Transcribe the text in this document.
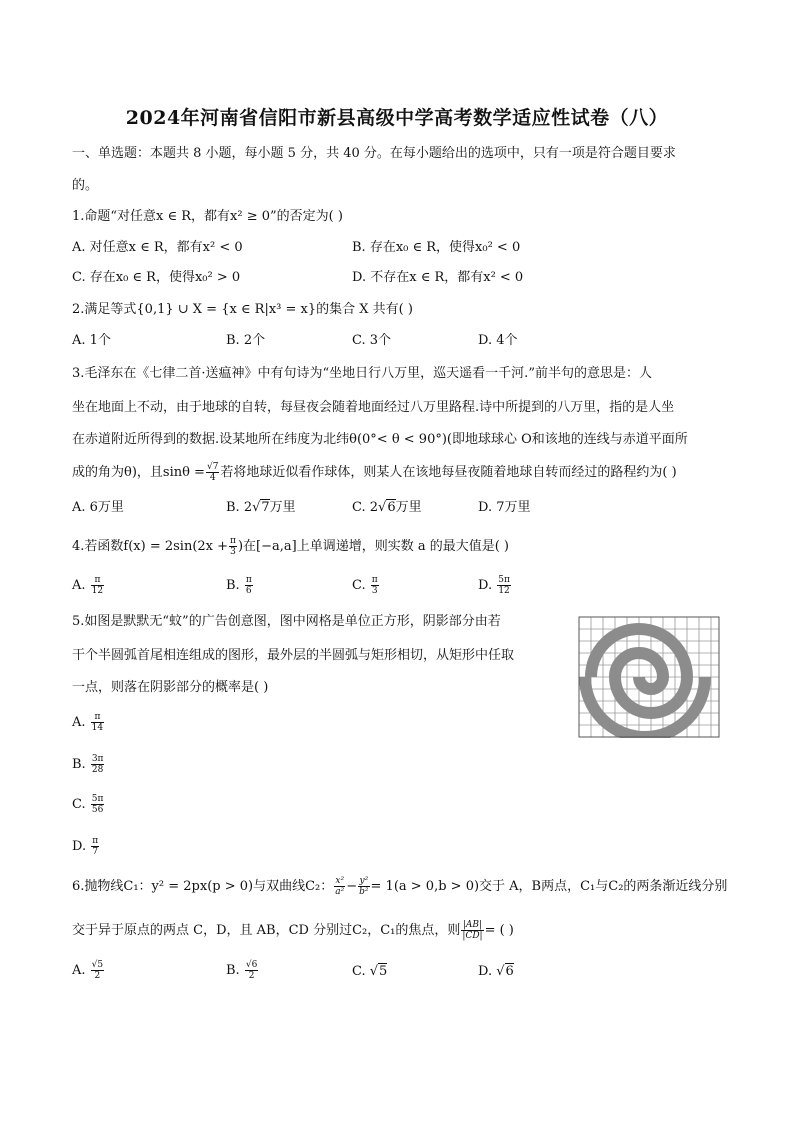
2024年河南省信阳市新县高级中学高考数学适应性试卷（八）
一、单选题：本题共 8 小题，每小题 5 分，共 40 分。在每小题给出的选项中，只有一项是符合题目要求
的。
1.命题“对任意x ∈ R，都有x² ≥ 0”的否定为( )
A. 对任意x ∈ R，都有x² < 0	B. 存在x₀ ∈ R，使得x₀² < 0
C. 存在x₀ ∈ R，使得x₀² > 0	D. 不存在x ∈ R，都有x² < 0
2.满足等式{0,1} ∪ X = {x ∈ R|x³ = x}的集合 X 共有( )
A. 1个	B. 2个	C. 3个	D. 4个
3.毛泽东在《七律二首·送瘟神》中有句诗为“坐地日行八万里，巡天遥看一千河.”前半句的意思是：人
坐在地面上不动，由于地球的自转，每昼夜会随着地面经过八万里路程.诗中所提到的八万里，指的是人坐
在赤道附近所得到的数据.设某地所在纬度为北纬θ(0°< θ < 90°)(即地球球心 O和该地的连线与赤道平面所
成的角为θ)，且$\sin\theta = \frac{√7}{4}$ 若将地球近似看作球体，则某人在该地每昼夜随着地球自转而经过的路程约为( )
A. 6万里	B. 2√7万里	C. 2√6万里	D. 7万里
4.若函数$f(x) = 2\sin(2x + \frac{\pi}{3}$ )在[−a,a]上单调递增，则实数 a 的最大值是( )
A. $\frac{\pi}{12}$	B. $\frac{\pi}{6}$	C. $\frac{\pi}{3}$	D. $\frac{5\pi}{12}$
5.如图是默默无“蚊”的广告创意图，图中网格是单位正方形，阴影部分由若
干个半圆弧首尾相连组成的图形，最外层的半圆弧与矩形相切，从矩形中任取
一点，则落在阴影部分的概率是( )
A. $\frac{\pi}{14}$
B. $\frac{3\pi}{28}$
C. $\frac{5\pi}{56}$
D. $\frac{\pi}{7}$
6.抛物线C₁：y² = 2px(p > 0)与双曲线C₂： $\frac{\text{x²}}{\text{a²}} - \frac{\text{y²}}{\text{b²}} = 1(a > 0,b > 0)$交于 A，B两点，C₁与C₂的两条渐近线分别
交于异于原点的两点 C，D，且 AB，CD 分别过C₂，C₁的焦点，则 $\frac{|AB|}{|CD|}$ = ( )
A. $\frac{√5}{2}$	B. $\frac{√6}{2}$	C. √5	D. √6
